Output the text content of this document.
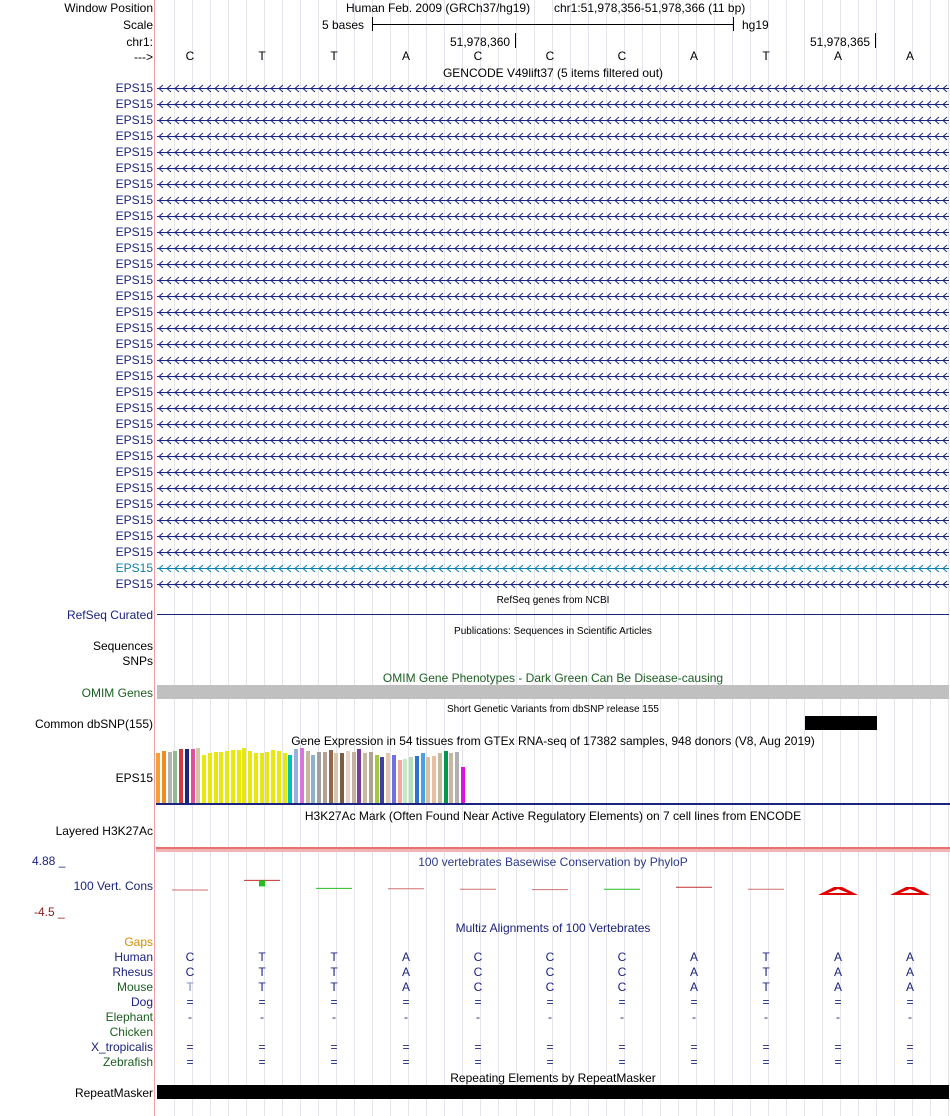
Window Position	Human Feb. 2009 (GRCh37/hg19) chr1:51,978,356-51,978,366 (11 bp)
Scale	5 bases	hg19
chr1:	51,978,360	51,978,365
--->	C	T	T	A	C	C	C	A	T	A	A
GENCODE V49lift37 (5 items filtered out)
EPS15
EPS15
EPS15
EPS15
EPS15
EPS15
EPS15
EPS15
EPS15
EPS15
EPS15
EPS15
EPS15
EPS15
EPS15
EPS15
EPS15
EPS15
EPS15
EPS15
EPS15
EPS15
EPS15
EPS15
EPS15
EPS15
EPS15
EPS15
EPS15
EPS15
EPS15
EPS15
RefSeq genes from NCBI
RefSeq Curated
Publications: Sequences in Scientific Articles
Sequences
SNPs
OMIM Gene Phenotypes - Dark Green Can Be Disease-causing
OMIM Genes
Short Genetic Variants from dbSNP release 155
Common dbSNP(155)
Gene Expression in 54 tissues from GTEx RNA-seq of 17382 samples, 948 donors (V8, Aug 2019)
EPS15
H3K27Ac Mark (Often Found Near Active Regulatory Elements) on 7 cell lines from ENCODE
Layered H3K27Ac
100 vertebrates Basewise Conservation by PhyloP
4.88 _
100 Vert. Cons
-4.5 _
Multiz Alignments of 100 Vertebrates
Gaps
Human	C	T	T	A	C	C	C	A	T	A	A
Rhesus	C	T	T	A	C	C	C	A	T	A	A
Mouse	T	T	T	A	C	C	C	A	T	A	A
Dog	=	=	=	=	=	=	=	=	=	=	=
Elephant	-	-	-	-	-	-	-	-	-	-	-
Chicken
X_tropicalis	=	=	=	=	=	=	=	=	=	=	=
Zebrafish	=	=	=	=	=	=	=	=	=	=	=
Repeating Elements by RepeatMasker
RepeatMasker
